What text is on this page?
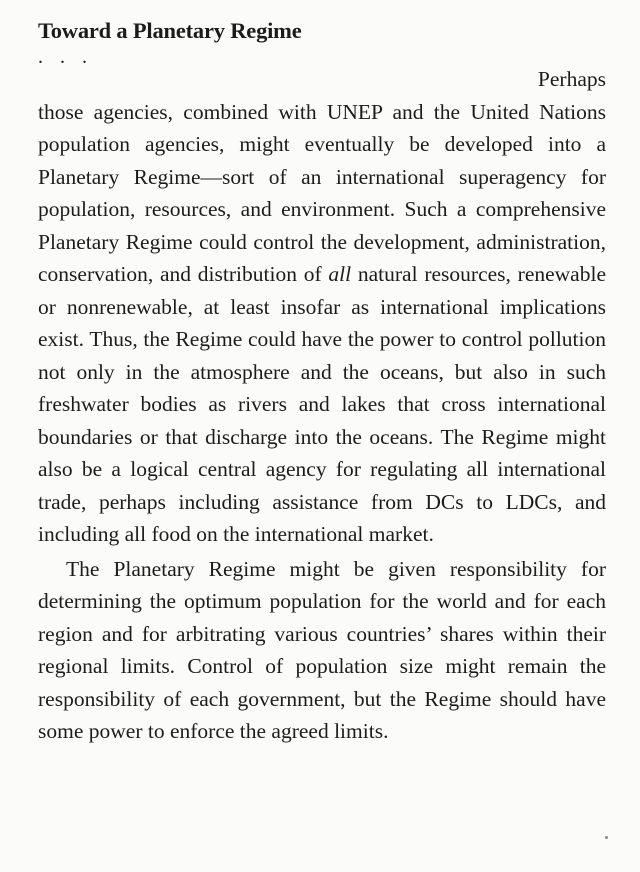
Toward a Planetary Regime
. . .

Perhaps
those agencies, combined with UNEP and the United Nations population agencies, might eventually be developed into a Planetary Regime—sort of an international superagency for population, resources, and environment. Such a comprehensive Planetary Regime could control the development, administration, conservation, and distribution of all natural resources, renewable or nonrenewable, at least insofar as international implications exist. Thus, the Regime could have the power to control pollution not only in the atmosphere and the oceans, but also in such freshwater bodies as rivers and lakes that cross international boundaries or that discharge into the oceans. The Regime might also be a logical central agency for regulating all international trade, perhaps including assistance from DCs to LDCs, and including all food on the international market.

The Planetary Regime might be given responsibility for determining the optimum population for the world and for each region and for arbitrating various countries’ shares within their regional limits. Control of population size might remain the responsibility of each government, but the Regime should have some power to enforce the agreed limits.
